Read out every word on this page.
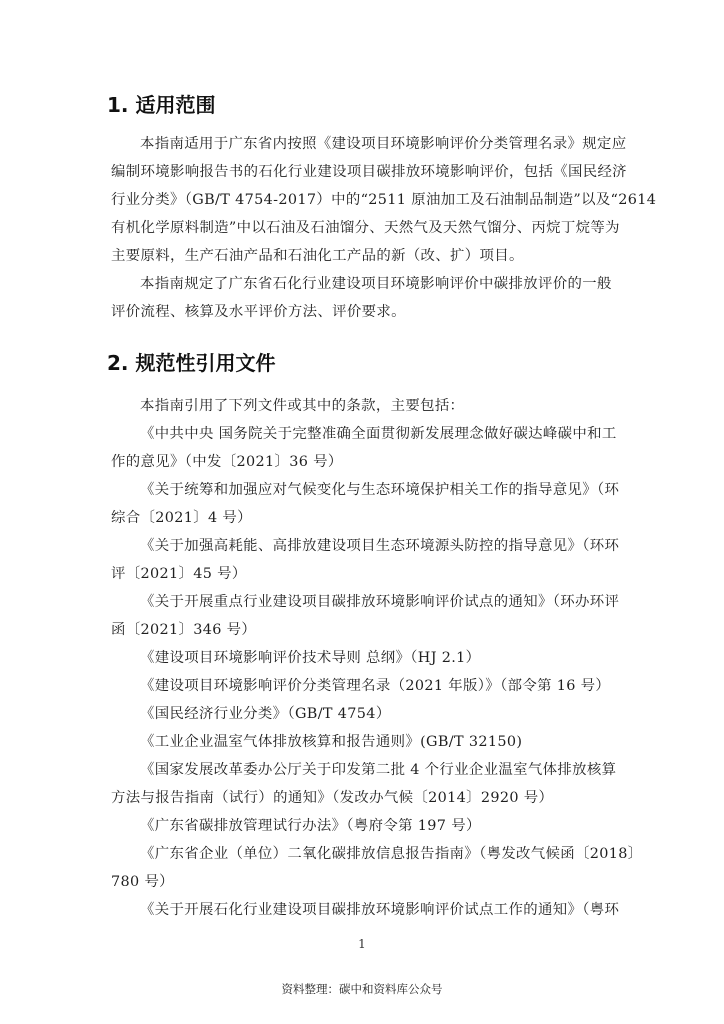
1. 适用范围
本指南适用于广东省内按照《建设项目环境影响评价分类管理名录》规定应
编制环境影响报告书的石化行业建设项目碳排放环境影响评价，包括《国民经济
行业分类》（GB/T 4754-2017）中的“2511 原油加工及石油制品制造”以及“2614
有机化学原料制造”中以石油及石油馏分、天然气及天然气馏分、丙烷丁烷等为
主要原料，生产石油产品和石油化工产品的新（改、扩）项目。
本指南规定了广东省石化行业建设项目环境影响评价中碳排放评价的一般
评价流程、核算及水平评价方法、评价要求。
2. 规范性引用文件
本指南引用了下列文件或其中的条款，主要包括：
《中共中央 国务院关于完整准确全面贯彻新发展理念做好碳达峰碳中和工
作的意见》（中发〔2021〕36 号）
《关于统筹和加强应对气候变化与生态环境保护相关工作的指导意见》（环
综合〔2021〕4 号）
《关于加强高耗能、高排放建设项目生态环境源头防控的指导意见》（环环
评〔2021〕45 号）
《关于开展重点行业建设项目碳排放环境影响评价试点的通知》（环办环评
函〔2021〕346 号）
《建设项目环境影响评价技术导则 总纲》（HJ 2.1）
《建设项目环境影响评价分类管理名录（2021 年版）》（部令第 16 号）
《国民经济行业分类》（GB/T 4754）
《工业企业温室气体排放核算和报告通则》(GB/T 32150)
《国家发展改革委办公厅关于印发第二批 4 个行业企业温室气体排放核算
方法与报告指南（试行）的通知》（发改办气候〔2014〕2920 号）
《广东省碳排放管理试行办法》（粤府令第 197 号）
《广东省企业（单位）二氧化碳排放信息报告指南》（粤发改气候函〔2018〕
780 号）
《关于开展石化行业建设项目碳排放环境影响评价试点工作的通知》（粤环
1
资料整理：碳中和资料库公众号
